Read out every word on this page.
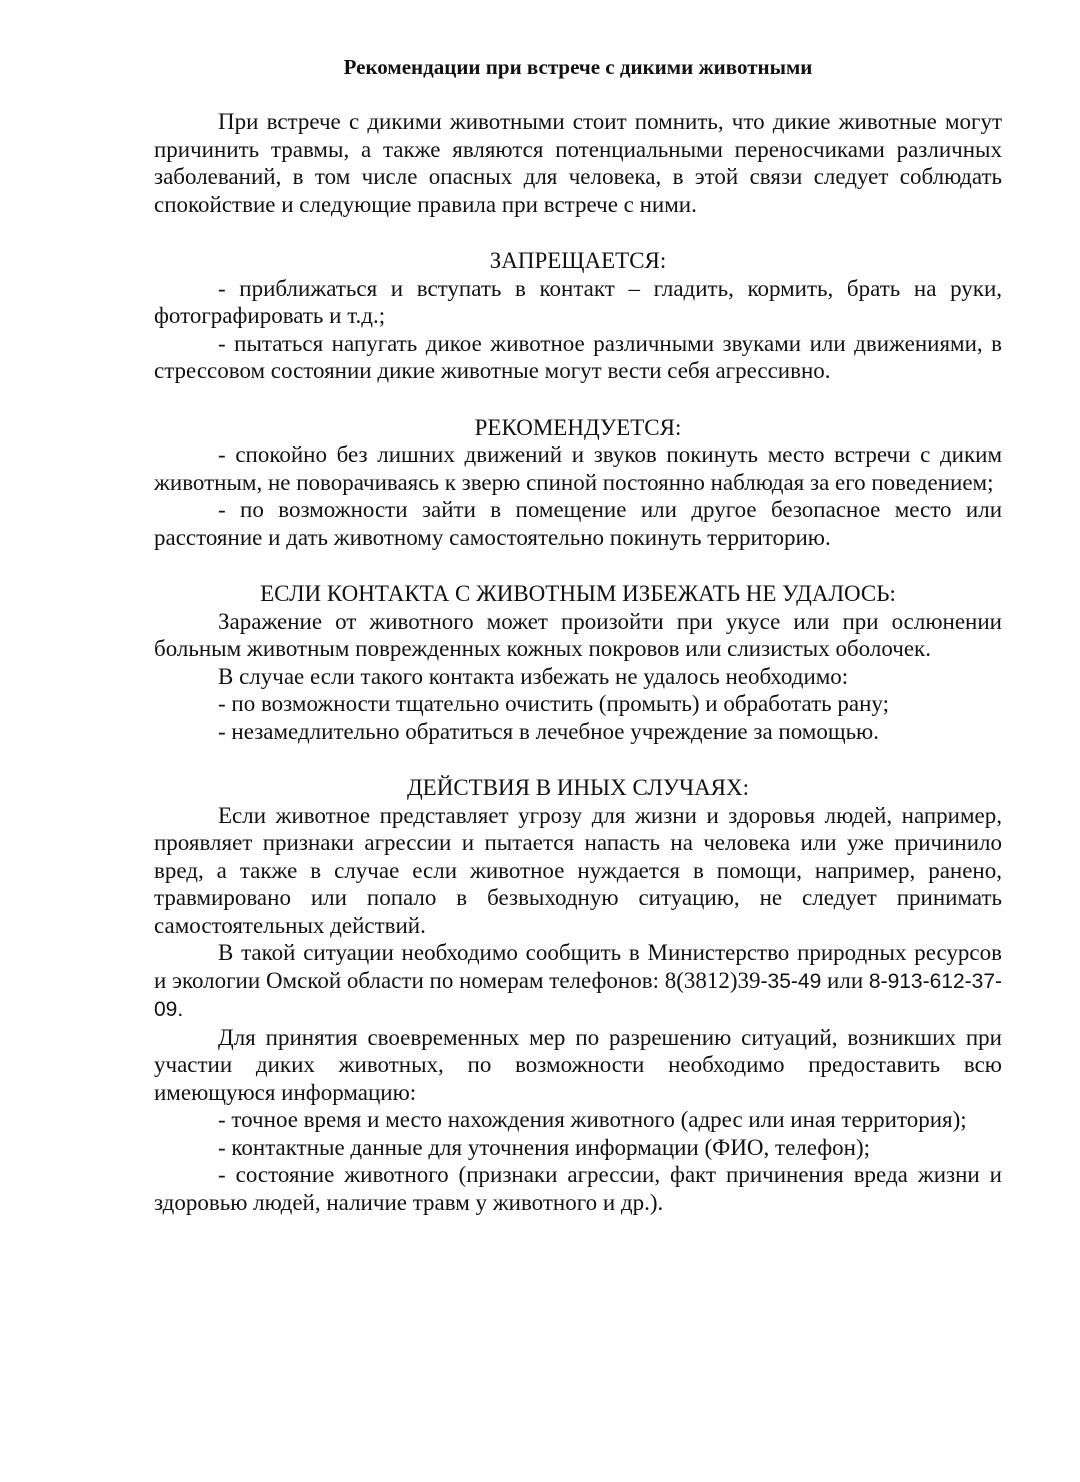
Рекомендации при встрече с дикими животными

При встрече с дикими животными стоит помнить, что дикие животные могут причинить травмы, а также являются потенциальными переносчиками различных заболеваний, в том числе опасных для человека, в этой связи следует соблюдать спокойствие и следующие правила при встрече с ними.

ЗАПРЕЩАЕТСЯ:

- приближаться и вступать в контакт – гладить, кормить, брать на руки, фотографировать и т.д.;

- пытаться напугать дикое животное различными звуками или движениями, в стрессовом состоянии дикие животные могут вести себя агрессивно.

РЕКОМЕНДУЕТСЯ:

- спокойно без лишних движений и звуков покинуть место встречи с диким животным, не поворачиваясь к зверю спиной постоянно наблюдая за его поведением;

- по возможности зайти в помещение или другое безопасное место или расстояние и дать животному самостоятельно покинуть территорию.

ЕСЛИ КОНТАКТА С ЖИВОТНЫМ ИЗБЕЖАТЬ НЕ УДАЛОСЬ:

Заражение от животного может произойти при укусе или при ослюнении больным животным поврежденных кожных покровов или слизистых оболочек.

В случае если такого контакта избежать не удалось необходимо:

- по возможности тщательно очистить (промыть) и обработать рану;

- незамедлительно обратиться в лечебное учреждение за помощью.

ДЕЙСТВИЯ В ИНЫХ СЛУЧАЯХ:

Если животное представляет угрозу для жизни и здоровья людей, например, проявляет признаки агрессии и пытается напасть на человека или уже причинило вред, а также в случае если животное нуждается в помощи, например, ранено, травмировано или попало в безвыходную ситуацию, не следует принимать самостоятельных действий.

В такой ситуации необходимо сообщить в Министерство природных ресурсов и экологии Омской области по номерам телефонов: 8(3812)39-35-49 или 8-913-612-37-09.

Для принятия своевременных мер по разрешению ситуаций, возникших при участии диких животных, по возможности необходимо предоставить всю имеющуюся информацию:

- точное время и место нахождения животного (адрес или иная территория);

- контактные данные для уточнения информации (ФИО, телефон);

- состояние животного (признаки агрессии, факт причинения вреда жизни и здоровью людей, наличие травм у животного и др.).
